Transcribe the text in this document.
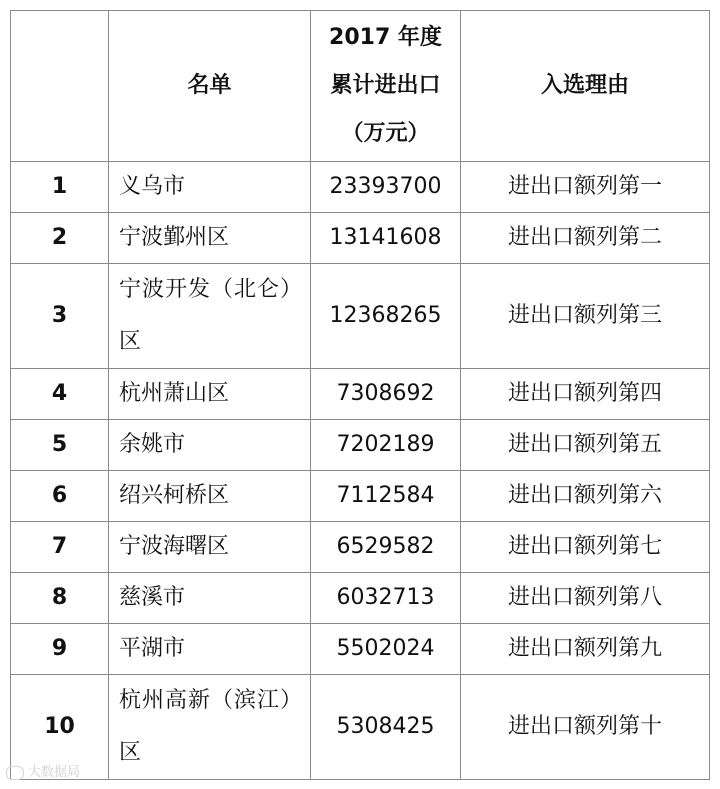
	名单	2017 年度累计进出口（万元）	入选理由
1	义乌市	23393700	进出口额列第一
2	宁波鄞州区	13141608	进出口额列第二
3	宁波开发（北仑）区	12368265	进出口额列第三
4	杭州萧山区	7308692	进出口额列第四
5	余姚市	7202189	进出口额列第五
6	绍兴柯桥区	7112584	进出口额列第六
7	宁波海曙区	6529582	进出口额列第七
8	慈溪市	6032713	进出口额列第八
9	平湖市	5502024	进出口额列第九
10	杭州高新（滨江）区	5308425	进出口额列第十
大数据局
